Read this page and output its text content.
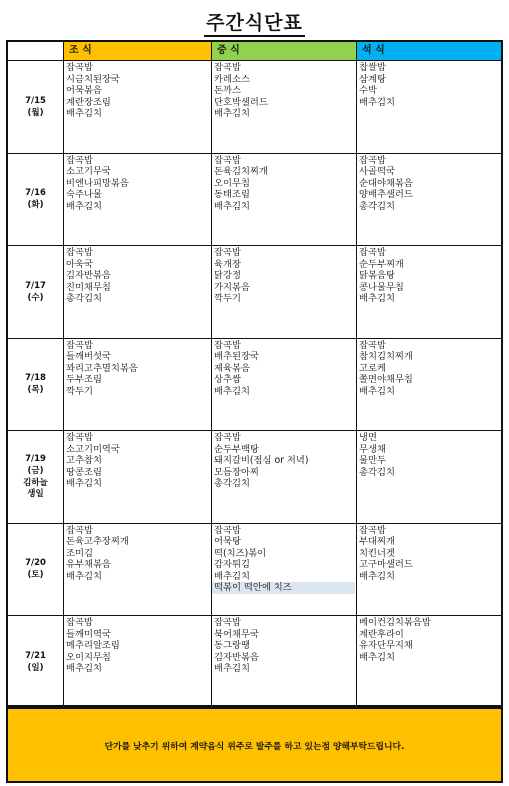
주간식단표
조 식	중 식	석 식
7/15
(월)
잡곡밥
시금치된장국
어묵볶음
계란장조림
배추김치
잡곡밥
카레소스
돈까스
단호박샐러드
배추김치
찹쌀밥
삼계탕
수박
배추김치
7/16
(화)
잡곡밥
소고기무국
비엔나피망볶음
숙주나물
배추김치
잡곡밥
돈육김치찌개
오이무침
동태조림
배추김치
잡곡밥
사골떡국
순대야채볶음
양배추샐러드
총각김치
7/17
(수)
잡곡밥
아욱국
김자반볶음
진미채무침
총각김치
잡곡밥
육개장
닭강정
가지볶음
깍두기
잡곡밥
순두부찌개
닭볶음탕
콩나물무침
배추김치
7/18
(목)
잡곡밥
들깨버섯국
꽈리고추멸치볶음
두부조림
깍두기
잡곡밥
배추된장국
제육볶음
상추쌈
배추김치
잡곡밥
참치김치찌개
고로케
쫄면야채무침
배추김치
7/19
(금)
김하늘
생일
잡곡밥
소고기미역국
고추참치
땅콩조림
배추김치
잡곡밥
순두부백탕
돼지갈비(점심 or 저녁)
모듬장아찌
총각김치
냉면
무생채
물만두
총각김치
7/20
(토)
잡곡밥
돈육고추장찌개
조미김
유부채볶음
배추김치
잡곡밥
어묵탕
떡(치즈)볶이
감자튀김
배추김치
떡볶이 떡안에 치즈
잡곡밥
부대찌개
치킨너겟
고구마샐러드
배추김치
7/21
(일)
잡곡밥
들깨미역국
메추리알조림
오이지무침
배추김치
잡곡밥
북어채무국
동그랑땡
김자반볶음
배추김치
베이컨김치볶음밥
계란후라이
유자단무지채
배추김치
단가를 낮추기 위하여 계약음식 위주로 발주를 하고 있는점 양해부탁드립니다.
